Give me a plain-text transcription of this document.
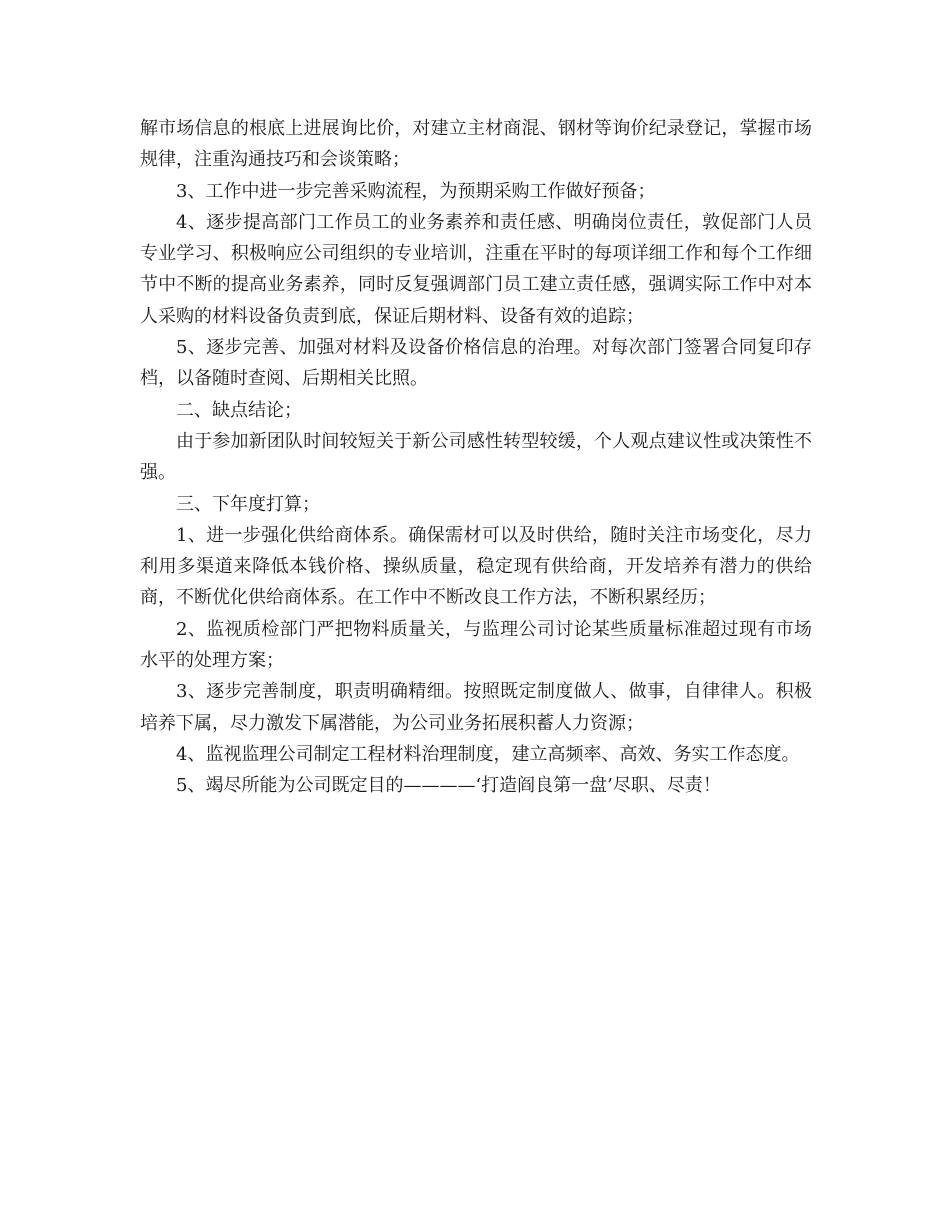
解市场信息的根底上进展询比价，对建立主材商混、钢材等询价纪录登记，掌握市场规律，注重沟通技巧和会谈策略；

3、工作中进一步完善采购流程，为预期采购工作做好预备；

4、逐步提高部门工作员工的业务素养和责任感、明确岗位责任，敦促部门人员专业学习、积极响应公司组织的专业培训，注重在平时的每项详细工作和每个工作细节中不断的提高业务素养，同时反复强调部门员工建立责任感，强调实际工作中对本人采购的材料设备负责到底，保证后期材料、设备有效的追踪；

5、逐步完善、加强对材料及设备价格信息的治理。对每次部门签署合同复印存档，以备随时查阅、后期相关比照。

二、缺点结论；

由于参加新团队时间较短关于新公司感性转型较缓，个人观点建议性或决策性不强。

三、下年度打算；

1、进一步强化供给商体系。确保需材可以及时供给，随时关注市场变化，尽力利用多渠道来降低本钱价格、操纵质量，稳定现有供给商，开发培养有潜力的供给商，不断优化供给商体系。在工作中不断改良工作方法，不断积累经历；

2、监视质检部门严把物料质量关，与监理公司讨论某些质量标准超过现有市场水平的处理方案；

3、逐步完善制度，职责明确精细。按照既定制度做人、做事，自律律人。积极培养下属，尽力激发下属潜能，为公司业务拓展积蓄人力资源；

4、监视监理公司制定工程材料治理制度，建立高频率、高效、务实工作态度。

5、竭尽所能为公司既定目的————‘打造阎良第一盘’尽职、尽责！
